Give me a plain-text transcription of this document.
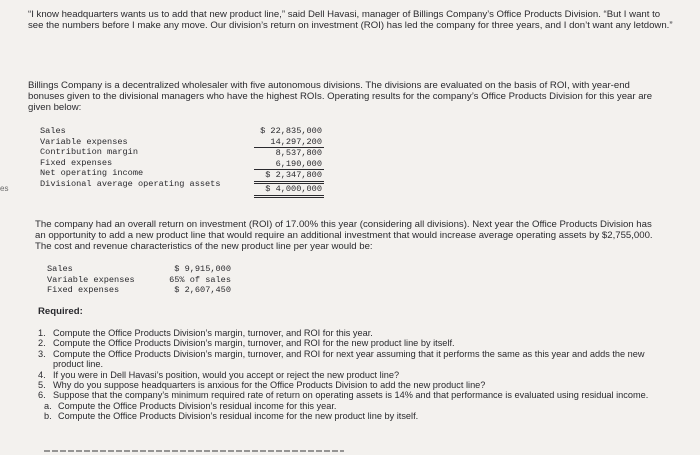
es
“I know headquarters wants us to add that new product line,” said Dell Havasi, manager of Billings Company’s Office Products Division. “But I want to see the numbers before I make any move. Our division’s return on investment (ROI) has led the company for three years, and I don’t want any letdown.”
Billings Company is a decentralized wholesaler with five autonomous divisions. The divisions are evaluated on the basis of ROI, with year-end bonuses given to the divisional managers who have the highest ROIs. Operating results for the company’s Office Products Division for this year are given below:
Sales
Variable expenses
Contribution margin
Fixed expenses
Net operating income
Divisional average operating assets
$ 22,835,000
14,297,200
8,537,800
6,190,000
$ 2,347,800
$ 4,000,000
The company had an overall return on investment (ROI) of 17.00% this year (considering all divisions). Next year the Office Products Division has an opportunity to add a new product line that would require an additional investment that would increase average operating assets by $2,755,000. The cost and revenue characteristics of the new product line per year would be:
Sales
Variable expenses
Fixed expenses
$ 9,915,000
65% of sales
$ 2,607,450
Required:
1. Compute the Office Products Division’s margin, turnover, and ROI for this year.
2. Compute the Office Products Division’s margin, turnover, and ROI for the new product line by itself.
3. Compute the Office Products Division’s margin, turnover, and ROI for next year assuming that it performs the same as this year and adds the new product line.
4. If you were in Dell Havasi’s position, would you accept or reject the new product line?
5. Why do you suppose headquarters is anxious for the Office Products Division to add the new product line?
6. Suppose that the company’s minimum required rate of return on operating assets is 14% and that performance is evaluated using residual income.
a. Compute the Office Products Division’s residual income for this year.
b. Compute the Office Products Division’s residual income for the new product line by itself.
